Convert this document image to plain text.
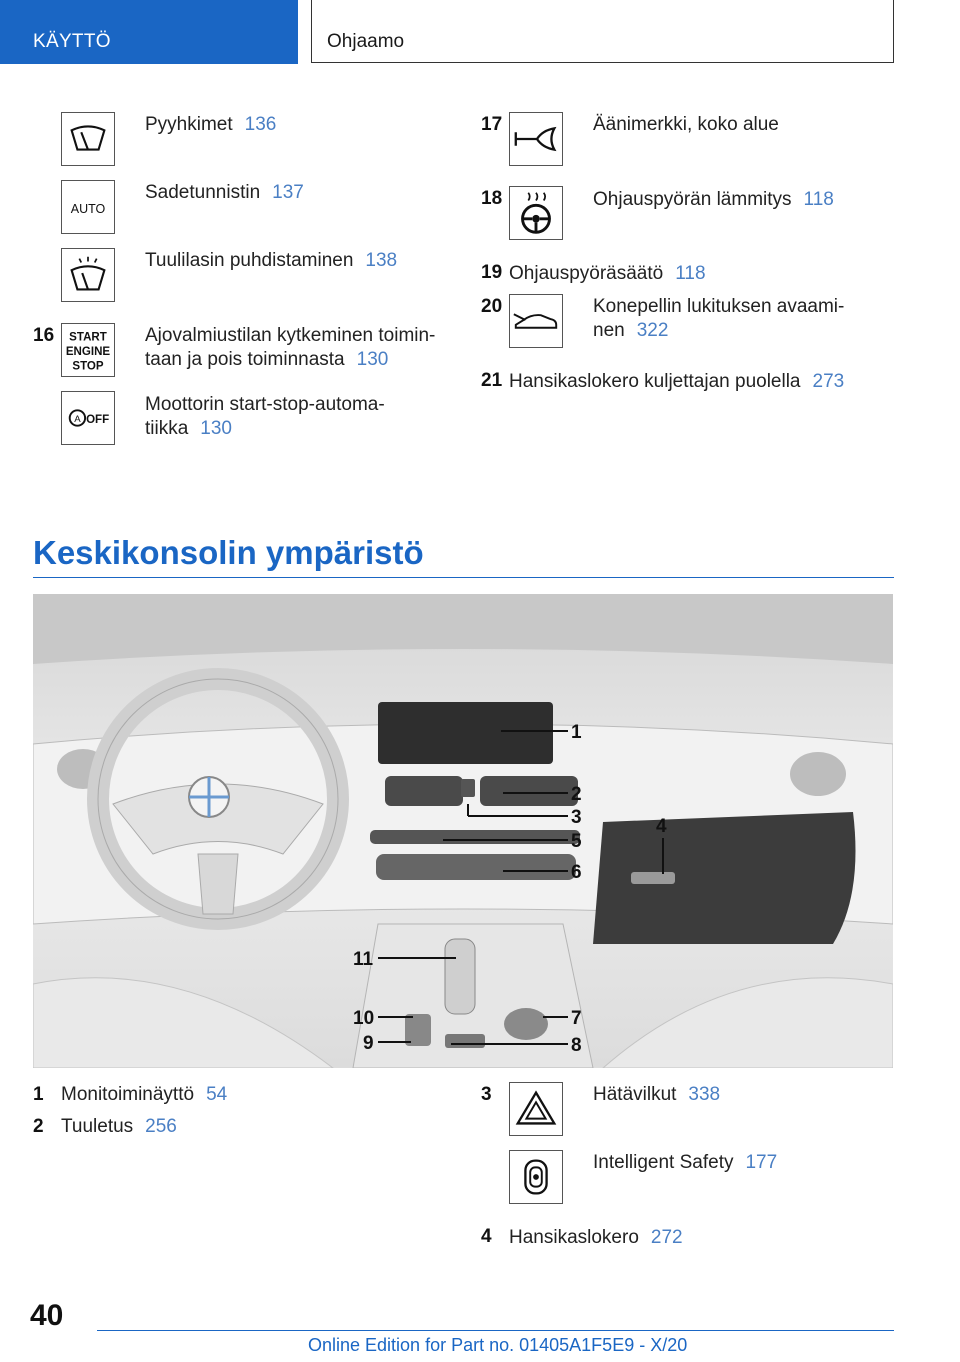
KÄYTTÖ	Ohjaamo
Pyyhkimet 136
AUTO
Sadetunnistin 137
Tuulilasin puhdistaminen 138
16 START
ENGINE
STOP
Ajovalmiustilan kytkeminen toimin-
taan ja pois toiminnasta 130
A OFF
Moottorin start-stop-automa-
tiikka 130
17	Äänimerkki, koko alue
18	Ohjauspyörän lämmitys 118
19 Ohjauspyöräsäätö 118
20	Konepellin lukituksen avaami-
nen 322
21 Hansikaslokero kuljettajan puolella 273
Keskikonsolin ympäristö
1
2
3
5
6
4
11
10
9
7
8
1 Monitoiminäyttö 54
2 Tuuletus 256
3	Hätävilkut 338
Intelligent Safety 177
4 Hansikaslokero 272
40
Online Edition for Part no. 01405A1F5E9 - X/20
